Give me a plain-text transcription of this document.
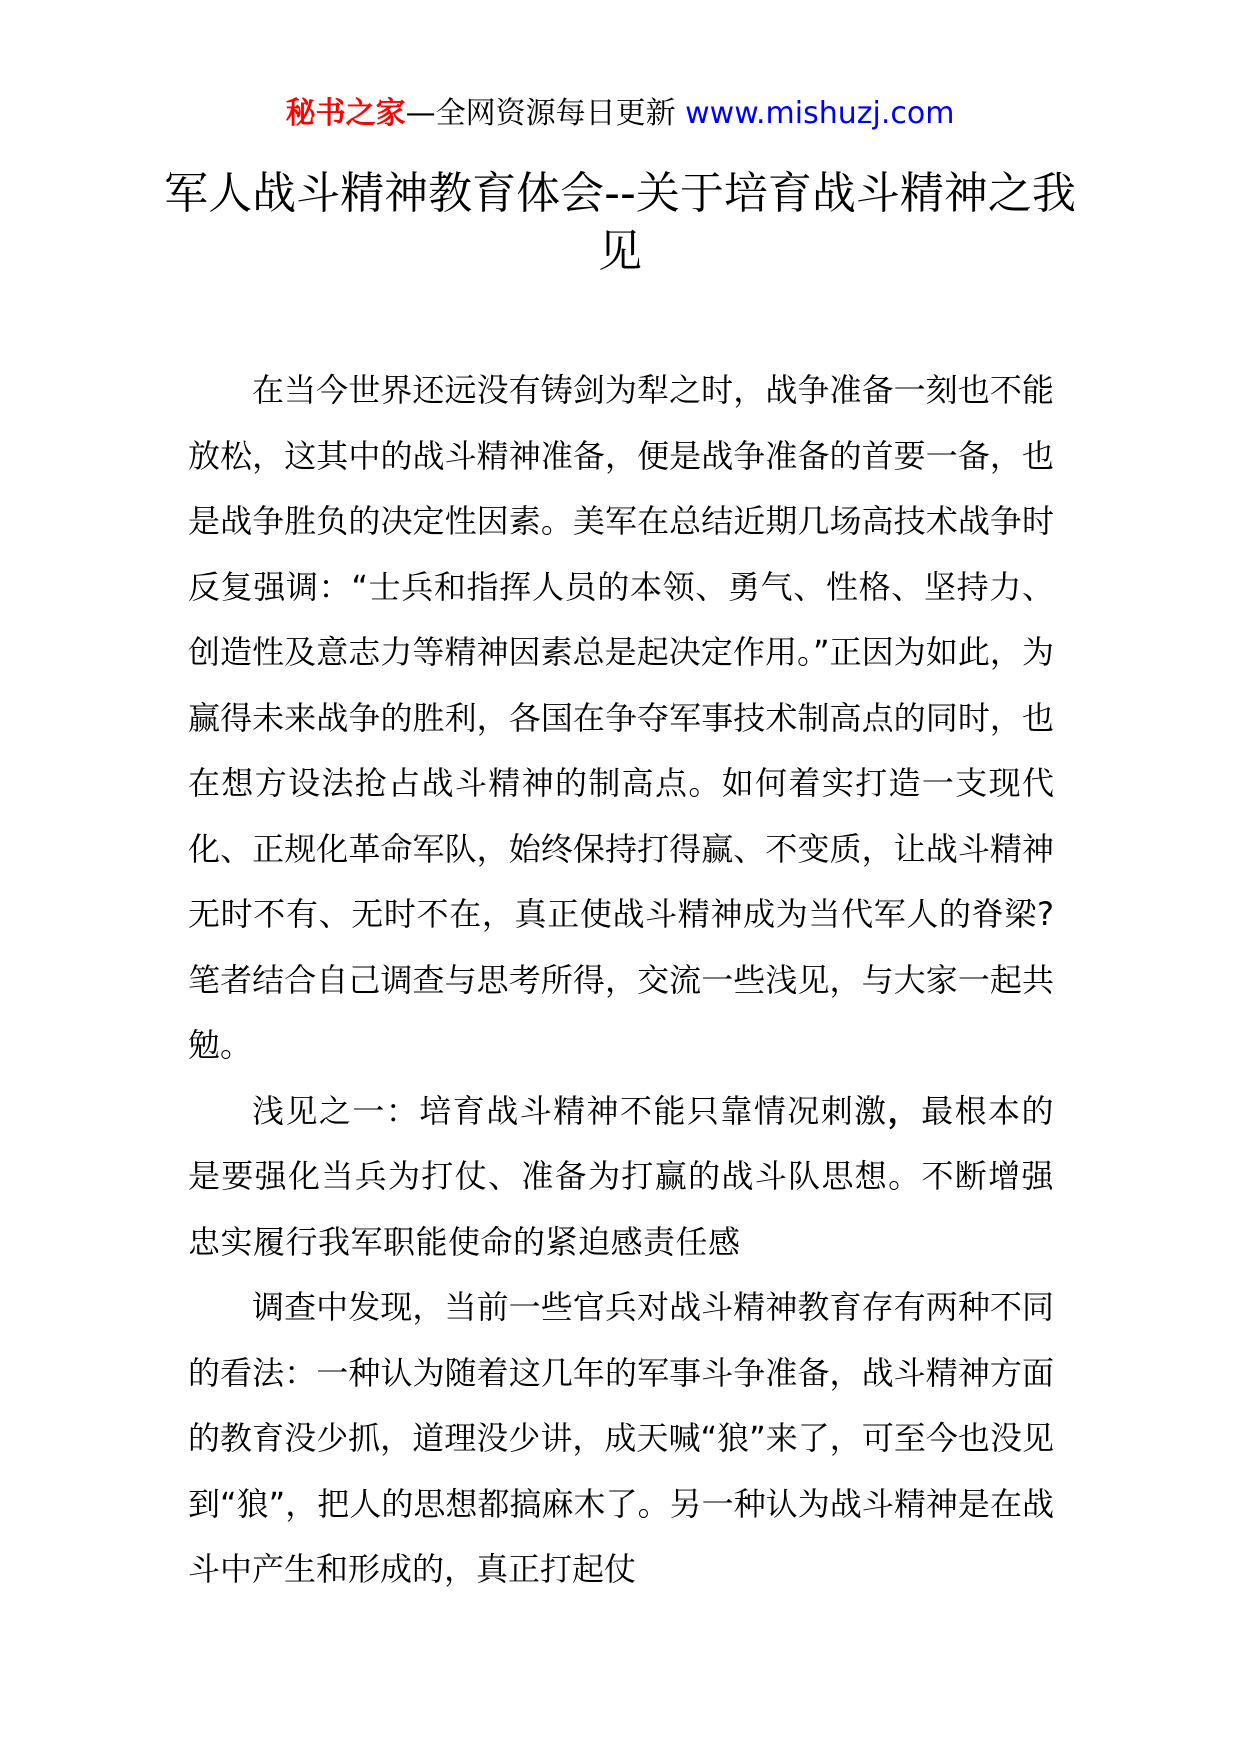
秘书之家—全网资源每日更新 www.mishuzj.com
军人战斗精神教育体会--关于培育战斗精神之我见

在当今世界还远没有铸剑为犁之时，战争准备一刻也不能放松，这其中的战斗精神准备，便是战争准备的首要一备，也是战争胜负的决定性因素。美军在总结近期几场高技术战争时反复强调：“士兵和指挥人员的本领、勇气、性格、坚持力、创造性及意志力等精神因素总是起决定作用。”正因为如此，为赢得未来战争的胜利，各国在争夺军事技术制高点的同时，也在想方设法抢占战斗精神的制高点。如何着实打造一支现代化、正规化革命军队，始终保持打得赢、不变质，让战斗精神无时不有、无时不在，真正使战斗精神成为当代军人的脊梁?笔者结合自己调查与思考所得，交流一些浅见，与大家一起共勉。

浅见之一：培育战斗精神不能只靠情况刺激，最根本的是要强化当兵为打仗、准备为打赢的战斗队思想。不断增强忠实履行我军职能使命的紧迫感责任感

调查中发现，当前一些官兵对战斗精神教育存有两种不同的看法：一种认为随着这几年的军事斗争准备，战斗精神方面的教育没少抓，道理没少讲，成天喊“狼”来了，可至今也没见到“狼”，把人的思想都搞麻木了。另一种认为战斗精神是在战斗中产生和形成的，真正打起仗
